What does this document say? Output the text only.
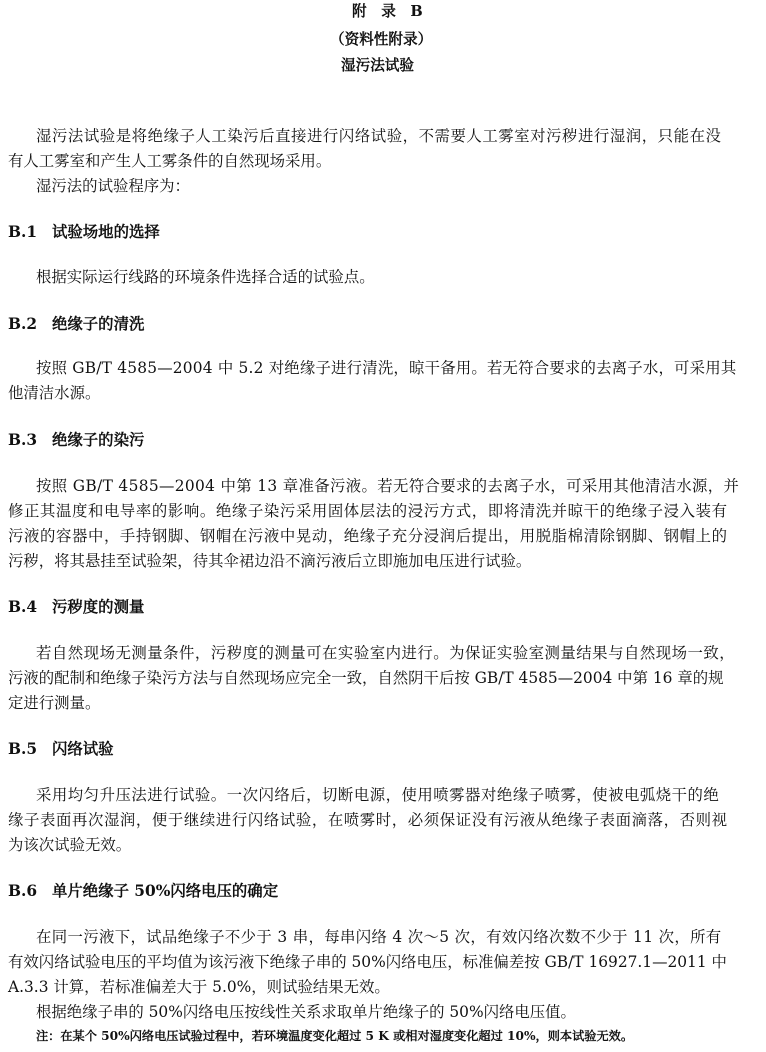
附　录　B
（资料性附录）
湿污法试验
湿污法试验是将绝缘子人工染污后直接进行闪络试验，不需要人工雾室对污秽进行湿润，只能在没
有人工雾室和产生人工雾条件的自然现场采用。
湿污法的试验程序为：
B.1 试验场地的选择
根据实际运行线路的环境条件选择合适的试验点。
B.2 绝缘子的清洗
按照 GB/T 4585—2004 中 5.2 对绝缘子进行清洗，晾干备用。若无符合要求的去离子水，可采用其
他清洁水源。
B.3 绝缘子的染污
按照 GB/T 4585—2004 中第 13 章准备污液。若无符合要求的去离子水，可采用其他清洁水源，并
修正其温度和电导率的影响。绝缘子染污采用固体层法的浸污方式，即将清洗并晾干的绝缘子浸入装有
污液的容器中，手持钢脚、钢帽在污液中晃动，绝缘子充分浸润后提出，用脱脂棉清除钢脚、钢帽上的
污秽，将其悬挂至试验架，待其伞裙边沿不滴污液后立即施加电压进行试验。
B.4 污秽度的测量
若自然现场无测量条件，污秽度的测量可在实验室内进行。为保证实验室测量结果与自然现场一致，
污液的配制和绝缘子染污方法与自然现场应完全一致，自然阴干后按 GB/T 4585—2004 中第 16 章的规
定进行测量。
B.5 闪络试验
采用均匀升压法进行试验。一次闪络后，切断电源，使用喷雾器对绝缘子喷雾，使被电弧烧干的绝
缘子表面再次湿润，便于继续进行闪络试验，在喷雾时，必须保证没有污液从绝缘子表面滴落，否则视
为该次试验无效。
B.6 单片绝缘子 50%闪络电压的确定
在同一污液下，试品绝缘子不少于 3 串，每串闪络 4 次～5 次，有效闪络次数不少于 11 次，所有
有效闪络试验电压的平均值为该污液下绝缘子串的 50%闪络电压，标准偏差按 GB/T 16927.1—2011 中
A.3.3 计算，若标准偏差大于 5.0%，则试验结果无效。
根据绝缘子串的 50%闪络电压按线性关系求取单片绝缘子的 50%闪络电压值。
注：在某个 50%闪络电压试验过程中，若环境温度变化超过 5 K 或相对湿度变化超过 10%，则本试验无效。
